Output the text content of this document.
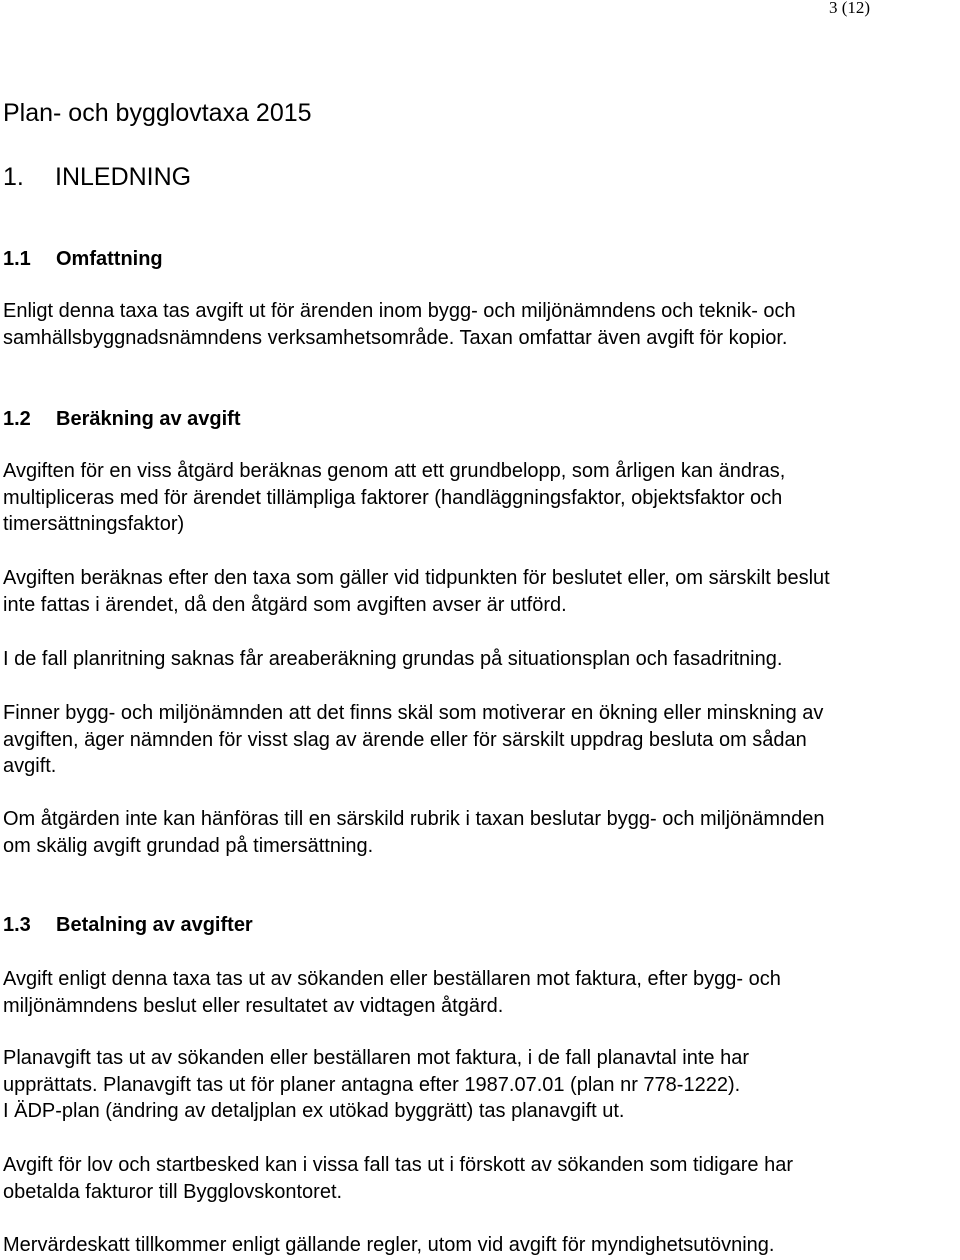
3 (12)
Plan- och bygglovtaxa 2015
1. INLEDNING
1.1 Omfattning
Enligt denna taxa tas avgift ut för ärenden inom bygg- och miljönämndens och teknik- och
samhällsbyggnadsnämndens verksamhetsområde. Taxan omfattar även avgift för kopior.
1.2 Beräkning av avgift
Avgiften för en viss åtgärd beräknas genom att ett grundbelopp, som årligen kan ändras,
multipliceras med för ärendet tillämpliga faktorer (handläggningsfaktor, objektsfaktor och
timersättningsfaktor)
Avgiften beräknas efter den taxa som gäller vid tidpunkten för beslutet eller, om särskilt beslut
inte fattas i ärendet, då den åtgärd som avgiften avser är utförd.
I de fall planritning saknas får areaberäkning grundas på situationsplan och fasadritning.
Finner bygg- och miljönämnden att det finns skäl som motiverar en ökning eller minskning av
avgiften, äger nämnden för visst slag av ärende eller för särskilt uppdrag besluta om sådan
avgift.
Om åtgärden inte kan hänföras till en särskild rubrik i taxan beslutar bygg- och miljönämnden
om skälig avgift grundad på timersättning.
1.3 Betalning av avgifter
Avgift enligt denna taxa tas ut av sökanden eller beställaren mot faktura, efter bygg- och
miljönämndens beslut eller resultatet av vidtagen åtgärd.
Planavgift tas ut av sökanden eller beställaren mot faktura, i de fall planavtal inte har
upprättats. Planavgift tas ut för planer antagna efter 1987.07.01 (plan nr 778-1222).
I ÄDP-plan (ändring av detaljplan ex utökad byggrätt) tas planavgift ut.
Avgift för lov och startbesked kan i vissa fall tas ut i förskott av sökanden som tidigare har
obetalda fakturor till Bygglovskontoret.
Mervärdeskatt tillkommer enligt gällande regler, utom vid avgift för myndighetsutövning.
